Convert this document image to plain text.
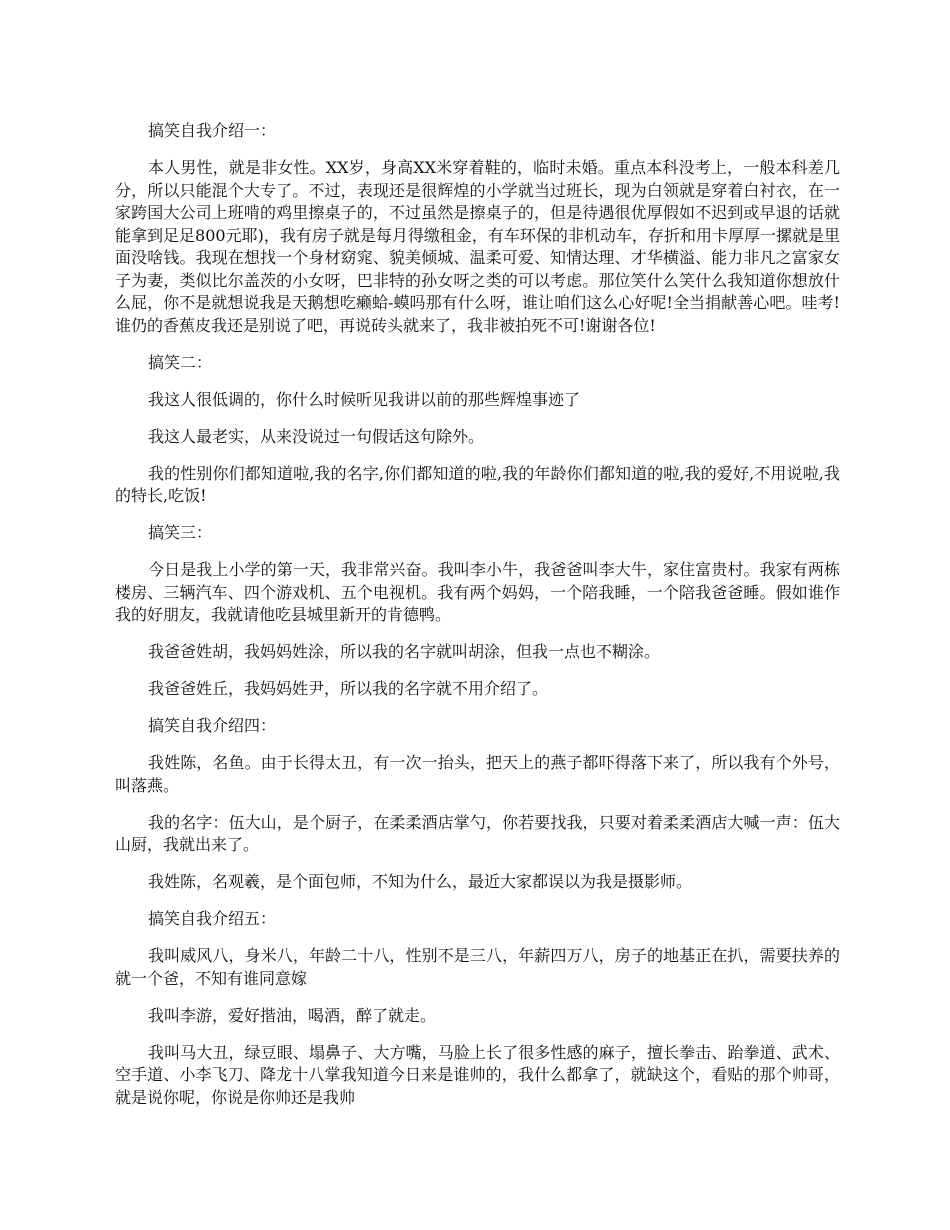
搞笑自我介绍一：

本人男性，就是非女性。XX岁，身高XX米穿着鞋的，临时未婚。重点本科没考上，一般本科差几分，所以只能混个大专了。不过，表现还是很辉煌的小学就当过班长，现为白领就是穿着白衬衣，在一家跨国大公司上班啃的鸡里擦桌子的，不过虽然是擦桌子的，但是待遇很优厚假如不迟到或早退的话就能拿到足足800元耶)，我有房子就是每月得缴租金，有车环保的非机动车，存折和用卡厚厚一摞就是里面没啥钱。我现在想找一个身材窈窕、貌美倾城、温柔可爱、知情达理、才华横溢、能力非凡之富家女子为妻，类似比尔盖茨的小女呀，巴非特的孙女呀之类的可以考虑。那位笑什么笑什么我知道你想放什么屁，你不是就想说我是天鹅想吃癞蛤-蟆吗那有什么呀，谁让咱们这么心好呢!全当捐献善心吧。哇考!谁仍的香蕉皮我还是别说了吧，再说砖头就来了，我非被拍死不可!谢谢各位!

搞笑二：

我这人很低调的，你什么时候听见我讲以前的那些辉煌事迹了

我这人最老实，从来没说过一句假话这句除外。

我的性别你们都知道啦,我的名字,你们都知道的啦,我的年龄你们都知道的啦,我的爱好,不用说啦,我的特长,吃饭!

搞笑三：

今日是我上小学的第一天，我非常兴奋。我叫李小牛，我爸爸叫李大牛，家住富贵村。我家有两栋楼房、三辆汽车、四个游戏机、五个电视机。我有两个妈妈，一个陪我睡，一个陪我爸爸睡。假如谁作我的好朋友，我就请他吃县城里新开的肯德鸭。

我爸爸姓胡，我妈妈姓涂，所以我的名字就叫胡涂，但我一点也不糊涂。

我爸爸姓丘，我妈妈姓尹，所以我的名字就不用介绍了。

搞笑自我介绍四：

我姓陈，名鱼。由于长得太丑，有一次一抬头，把天上的燕子都吓得落下来了，所以我有个外号，叫落燕。

我的名字：伍大山，是个厨子，在柔柔酒店掌勺，你若要找我，只要对着柔柔酒店大喊一声：伍大山厨，我就出来了。

我姓陈，名观羲，是个面包师，不知为什么，最近大家都误以为我是摄影师。

搞笑自我介绍五：

我叫威风八，身米八，年龄二十八，性别不是三八，年薪四万八，房子的地基正在扒，需要扶养的就一个爸，不知有谁同意嫁

我叫李游，爱好揩油，喝酒，醉了就走。

我叫马大丑，绿豆眼、塌鼻子、大方嘴，马脸上长了很多性感的麻子，擅长拳击、跆拳道、武术、空手道、小李飞刀、降龙十八掌我知道今日来是谁帅的，我什么都拿了，就缺这个，看贴的那个帅哥，就是说你呢，你说是你帅还是我帅
